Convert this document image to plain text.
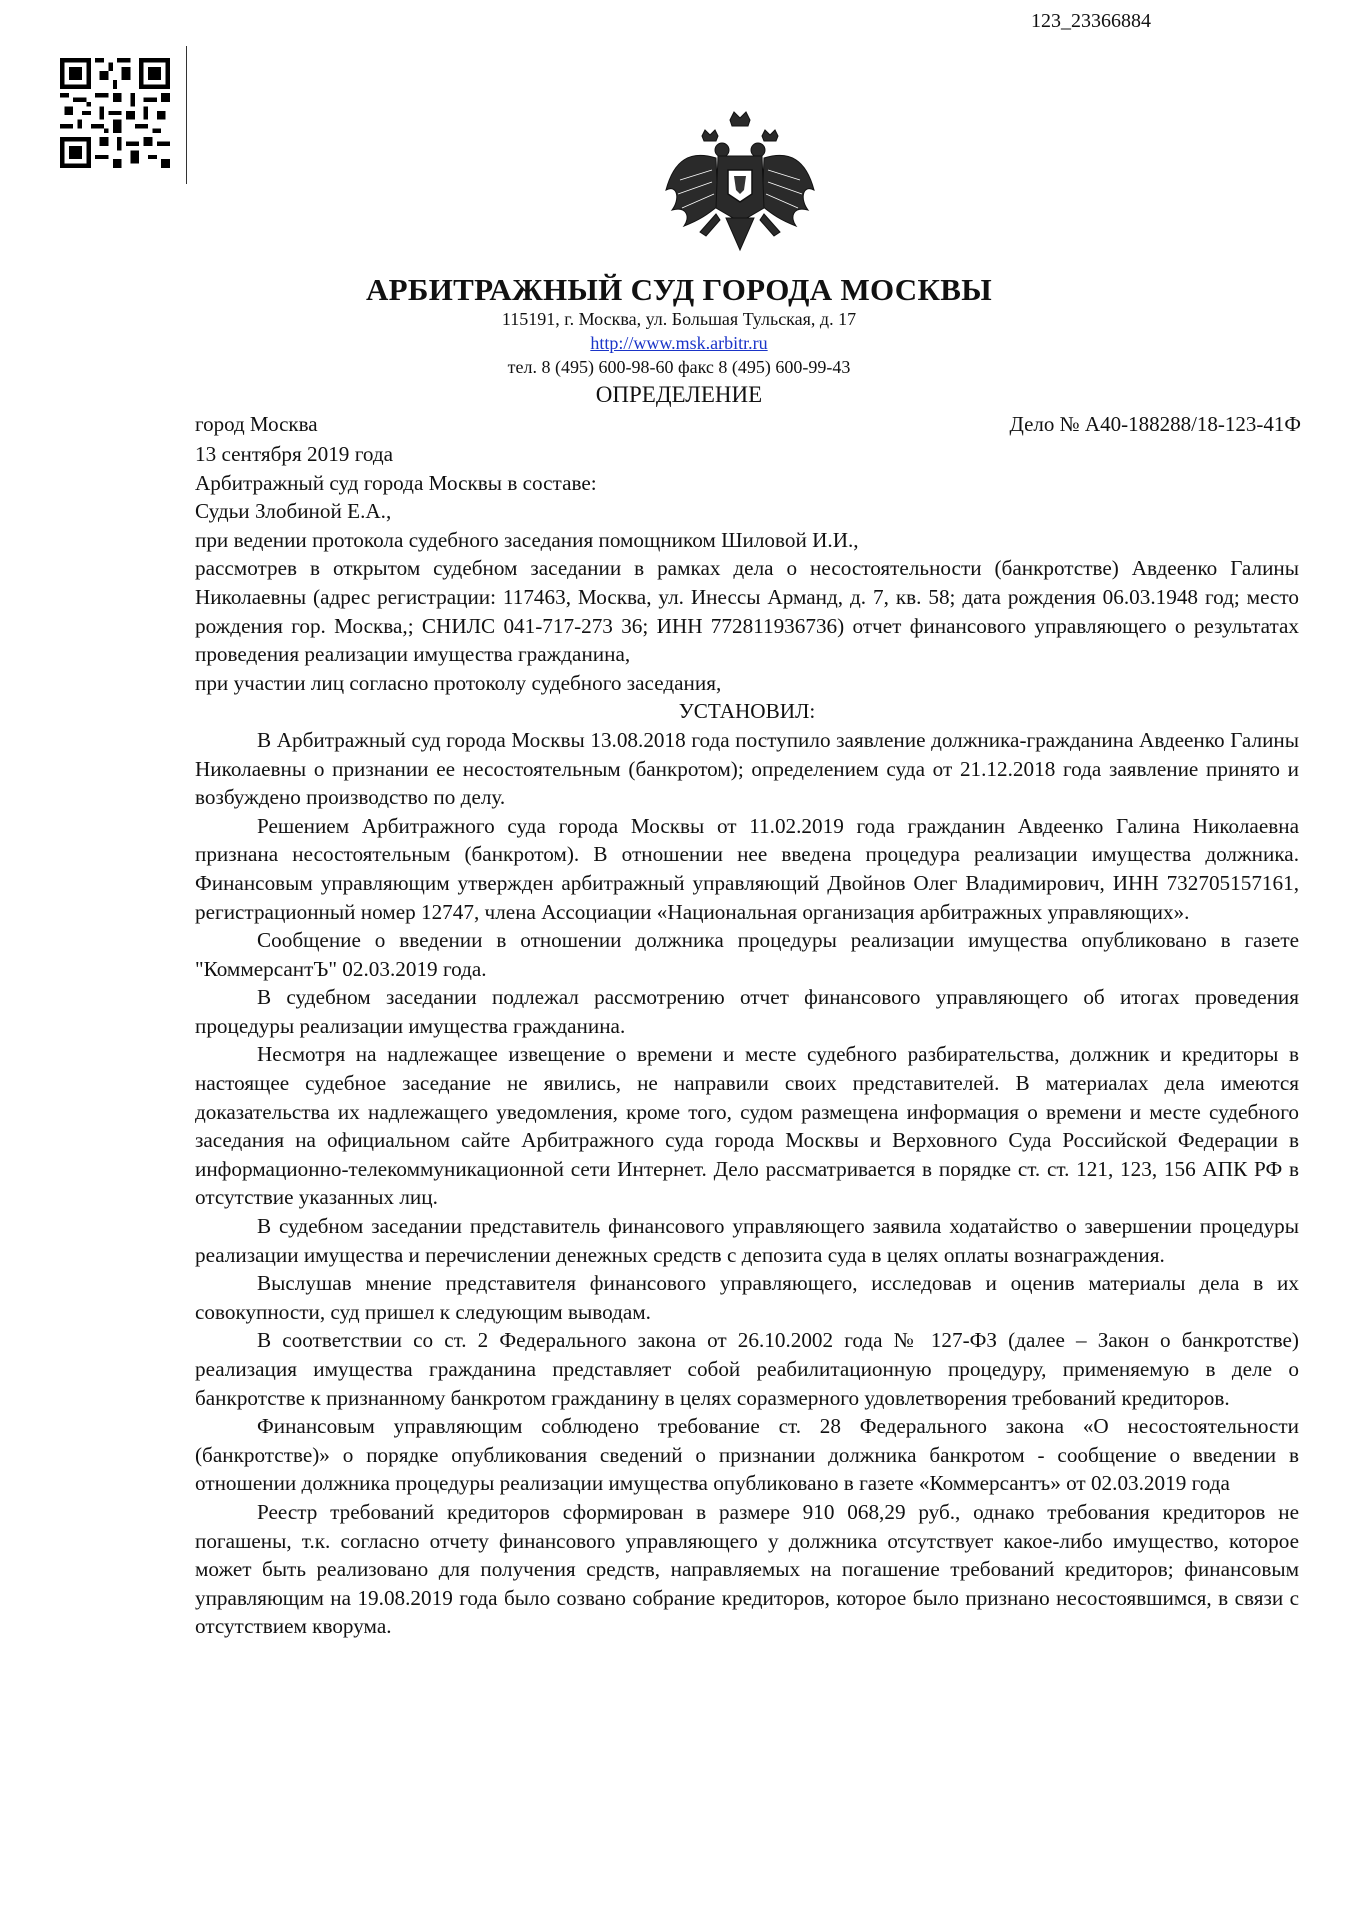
123_23366884
АРБИТРАЖНЫЙ СУД ГОРОДА МОСКВЫ
115191, г. Москва, ул. Большая Тульская, д. 17
http://www.msk.arbitr.ru
тел. 8 (495) 600-98-60 факс 8 (495) 600-99-43
ОПРЕДЕЛЕНИЕ
город Москва	Дело № А40-188288/18-123-41Ф

13 сентября 2019 года

Арбитражный суд города Москвы в составе:

Судьи Злобиной Е.А.,

при ведении протокола судебного заседания помощником Шиловой И.И.,

рассмотрев в открытом судебном заседании в рамках дела о несостоятельности (банкротстве) Авдеенко Галины Николаевны (адрес регистрации: 117463, Москва, ул. Инессы Арманд, д. 7, кв. 58; дата рождения 06.03.1948 год; место рождения гор. Москва,; СНИЛС 041-717-273 36; ИНН 772811936736) отчет финансового управляющего о результатах проведения реализации имущества гражданина,

при участии лиц согласно протоколу судебного заседания,

УСТАНОВИЛ:

В Арбитражный суд города Москвы 13.08.2018 года поступило заявление должника-гражданина Авдеенко Галины Николаевны о признании ее несостоятельным (банкротом); определением суда от 21.12.2018 года заявление принято и возбуждено производство по делу.

Решением Арбитражного суда города Москвы от 11.02.2019 года гражданин Авдеенко Галина Николаевна признана несостоятельным (банкротом). В отношении нее введена процедура реализации имущества должника. Финансовым управляющим утвержден арбитражный управляющий Двойнов Олег Владимирович, ИНН 732705157161, регистрационный номер 12747, члена Ассоциации «Национальная организация арбитражных управляющих».

Сообщение о введении в отношении должника процедуры реализации имущества опубликовано в газете "КоммерсантЪ" 02.03.2019 года.

В судебном заседании подлежал рассмотрению отчет финансового управляющего об итогах проведения процедуры реализации имущества гражданина.

Несмотря на надлежащее извещение о времени и месте судебного разбирательства, должник и кредиторы в настоящее судебное заседание не явились, не направили своих представителей. В материалах дела имеются доказательства их надлежащего уведомления, кроме того, судом размещена информация о времени и месте судебного заседания на официальном сайте Арбитражного суда города Москвы и Верховного Суда Российской Федерации в информационно-телекоммуникационной сети Интернет. Дело рассматривается в порядке ст. ст. 121, 123, 156 АПК РФ в отсутствие указанных лиц.

В судебном заседании представитель финансового управляющего заявила ходатайство о завершении процедуры реализации имущества и перечислении денежных средств с депозита суда в целях оплаты вознаграждения.

Выслушав мнение представителя финансового управляющего, исследовав и оценив материалы дела в их совокупности, суд пришел к следующим выводам.

В соответствии со ст. 2 Федерального закона от 26.10.2002 года № 127-ФЗ (далее – Закон о банкротстве) реализация имущества гражданина представляет собой реабилитационную процедуру, применяемую в деле о банкротстве к признанному банкротом гражданину в целях соразмерного удовлетворения требований кредиторов.

Финансовым управляющим соблюдено требование ст. 28 Федерального закона «О несостоятельности (банкротстве)» о порядке опубликования сведений о признании должника банкротом - сообщение о введении в отношении должника процедуры реализации имущества опубликовано в газете «Коммерсантъ» от 02.03.2019 года

Реестр требований кредиторов сформирован в размере 910 068,29 руб., однако требования кредиторов не погашены, т.к. согласно отчету финансового управляющего у должника отсутствует какое-либо имущество, которое может быть реализовано для получения средств, направляемых на погашение требований кредиторов; финансовым управляющим на 19.08.2019 года было созвано собрание кредиторов, которое было признано несостоявшимся, в связи с отсутствием кворума.
